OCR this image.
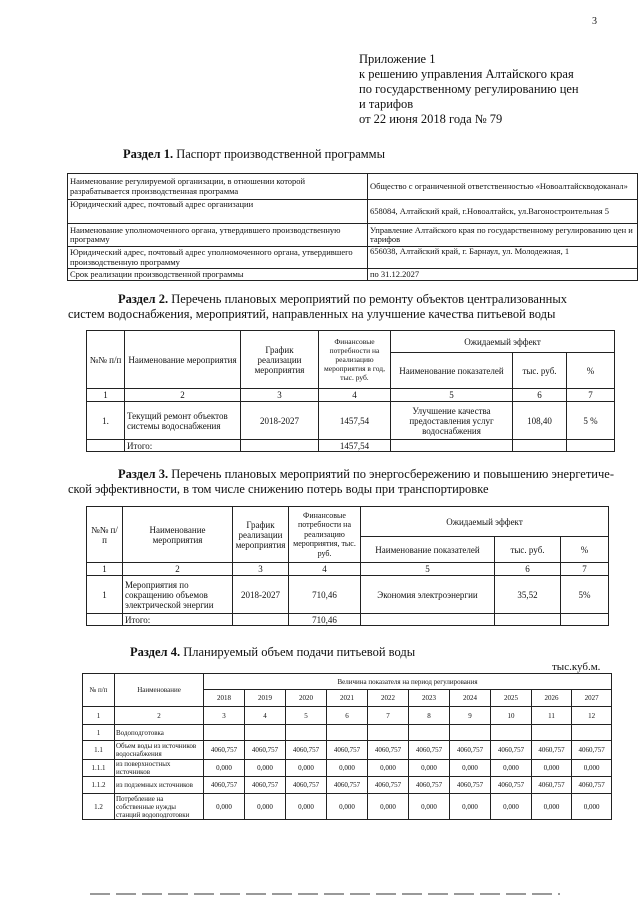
3
Приложение 1
к решению управления Алтайского края
по государственному регулированию цен
и тарифов
от 22 июня 2018 года № 79
Раздел 1. Паспорт производственной программы
Наименование регулируемой организации, в отношении которой разрабатывается производственная программа	Общество с ограниченной ответственностью «Новоалтайскводоканал»
Юридический адрес, почтовый адрес организации	658084, Алтайский край, г.Новоалтайск, ул.Вагоностроительная 5
Наименование уполномоченного органа, утвердившего производственную программу	Управление Алтайского края по государственному регулированию цен и тарифов
Юридический адрес, почтовый адрес уполномоченного органа, утвердившего производственную программу	656038, Алтайский край, г. Барнаул, ул. Молодежная, 1
Срок реализации производственной программы	по 31.12.2027
Раздел 2. Перечень плановых мероприятий по ремонту объектов централизованных
систем водоснабжения, мероприятий, направленных на улучшение качества питьевой воды
№№ п/п	Наименование мероприятия	График реализации мероприятия	Финансовые потребности на реализацию мероприятия в год, тыс. руб.	Ожидаемый эффект		
				Наименование показателей	тыс. руб.	%
1	2	3	4	5	6	7
1.	Текущий ремонт объектов системы водоснабжения	2018-2027	1457,54	Улучшение качества предоставления услуг водоснабжения	108,40	5 %
	Итого:		1457,54			
Раздел 3. Перечень плановых мероприятий по энергосбережению и повышению энергетиче-
ской эффективности, в том числе снижению потерь воды при транспортировке
№№ п/п	Наименование мероприятия	График реализации мероприятия	Финансовые потребности на реализацию мероприятия, тыс. руб.	Ожидаемый эффект		
				Наименование показателей	тыс. руб.	%
1	2	3	4	5	6	7
1	Мероприятия по сокращению объемов электрической энергии	2018-2027	710,46	Экономия электроэнергии	35,52	5%
	Итого:		710,46			
Раздел 4. Планируемый объем подачи питьевой воды
тыс.куб.м.
№ п/п	Наименование	Величина показателя на период регулирования									
		2018	2019	2020	2021	2022	2023	2024	2025	2026	2027
1	2	3	4	5	6	7	8	9	10	11	12
1	Водоподготовка										
1.1	Объем воды из источников водоснабжения	4060,757	4060,757	4060,757	4060,757	4060,757	4060,757	4060,757	4060,757	4060,757	4060,757
1.1.1	из поверхностных источников	0,000	0,000	0,000	0,000	0,000	0,000	0,000	0,000	0,000	0,000
1.1.2	из подземных источников	4060,757	4060,757	4060,757	4060,757	4060,757	4060,757	4060,757	4060,757	4060,757	4060,757
1.2	Потребление на собственные нужды станций водоподготовки	0,000	0,000	0,000	0,000	0,000	0,000	0,000	0,000	0,000	0,000
